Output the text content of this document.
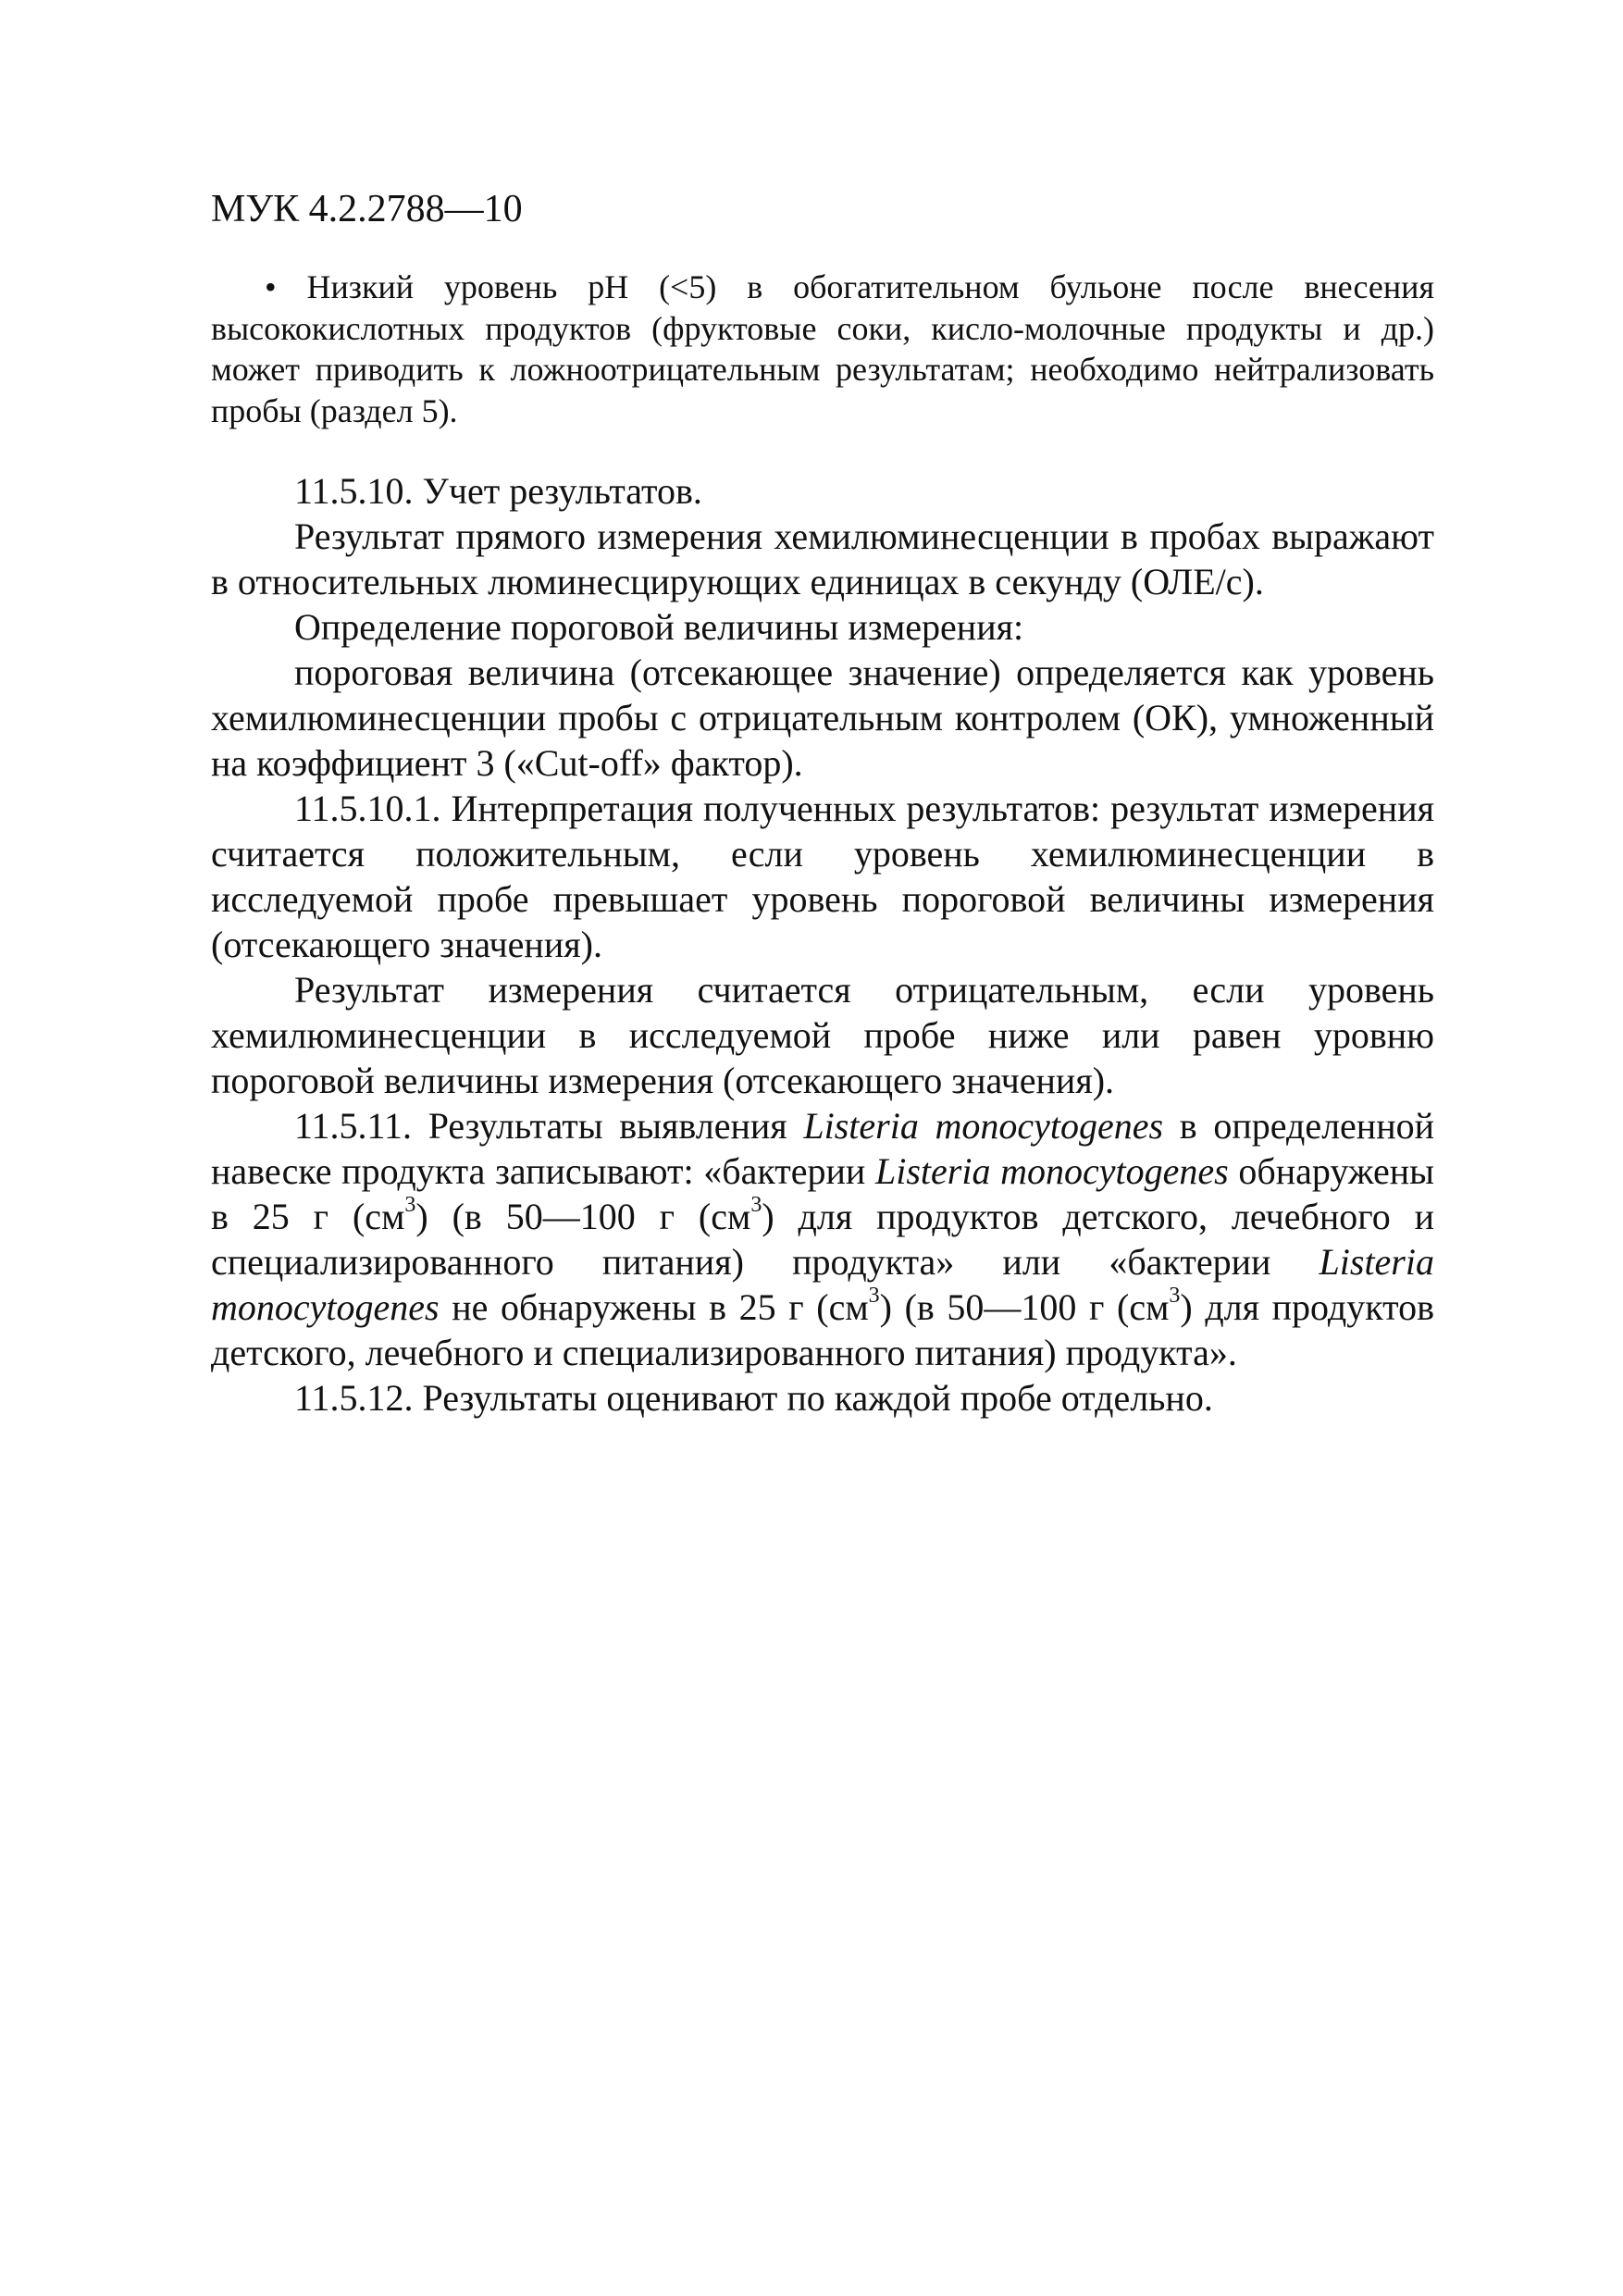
МУК 4.2.2788—10

• Низкий уровень pH (<5) в обогатительном бульоне после внесения высококислотных продуктов (фруктовые соки, кисло-молочные продукты и др.) может приводить к ложноотрицательным результатам; необходимо нейтрализовать пробы (раздел 5).

11.5.10. Учет результатов.

Результат прямого измерения хемилюминесценции в пробах выражают в относительных люминесцирующих единицах в секунду (ОЛЕ/с).

Определение пороговой величины измерения:

пороговая величина (отсекающее значение) определяется как уровень хемилюминесценции пробы с отрицательным контролем (ОК), умноженный на коэффициент 3 («Cut-off» фактор).

11.5.10.1. Интерпретация полученных результатов: результат измерения считается положительным, если уровень хемилюминесценции в исследуемой пробе превышает уровень пороговой величины измерения (отсекающего значения).

Результат измерения считается отрицательным, если уровень хемилюминесценции в исследуемой пробе ниже или равен уровню пороговой величины измерения (отсекающего значения).

11.5.11. Результаты выявления Listeria monocytogenes в определенной навеске продукта записывают: «бактерии Listeria monocytogenes обнаружены в 25 г $(см^3)$ (в 50—100 г $(см^3)$ для продуктов детского, лечебного и специализированного питания) продукта» или «бактерии Listeria monocytogenes не обнаружены в 25 г $(см^3)$ (в 50—100 г $(см^3)$ для продуктов детского, лечебного и специализированного питания) продукта».

11.5.12. Результаты оценивают по каждой пробе отдельно.
